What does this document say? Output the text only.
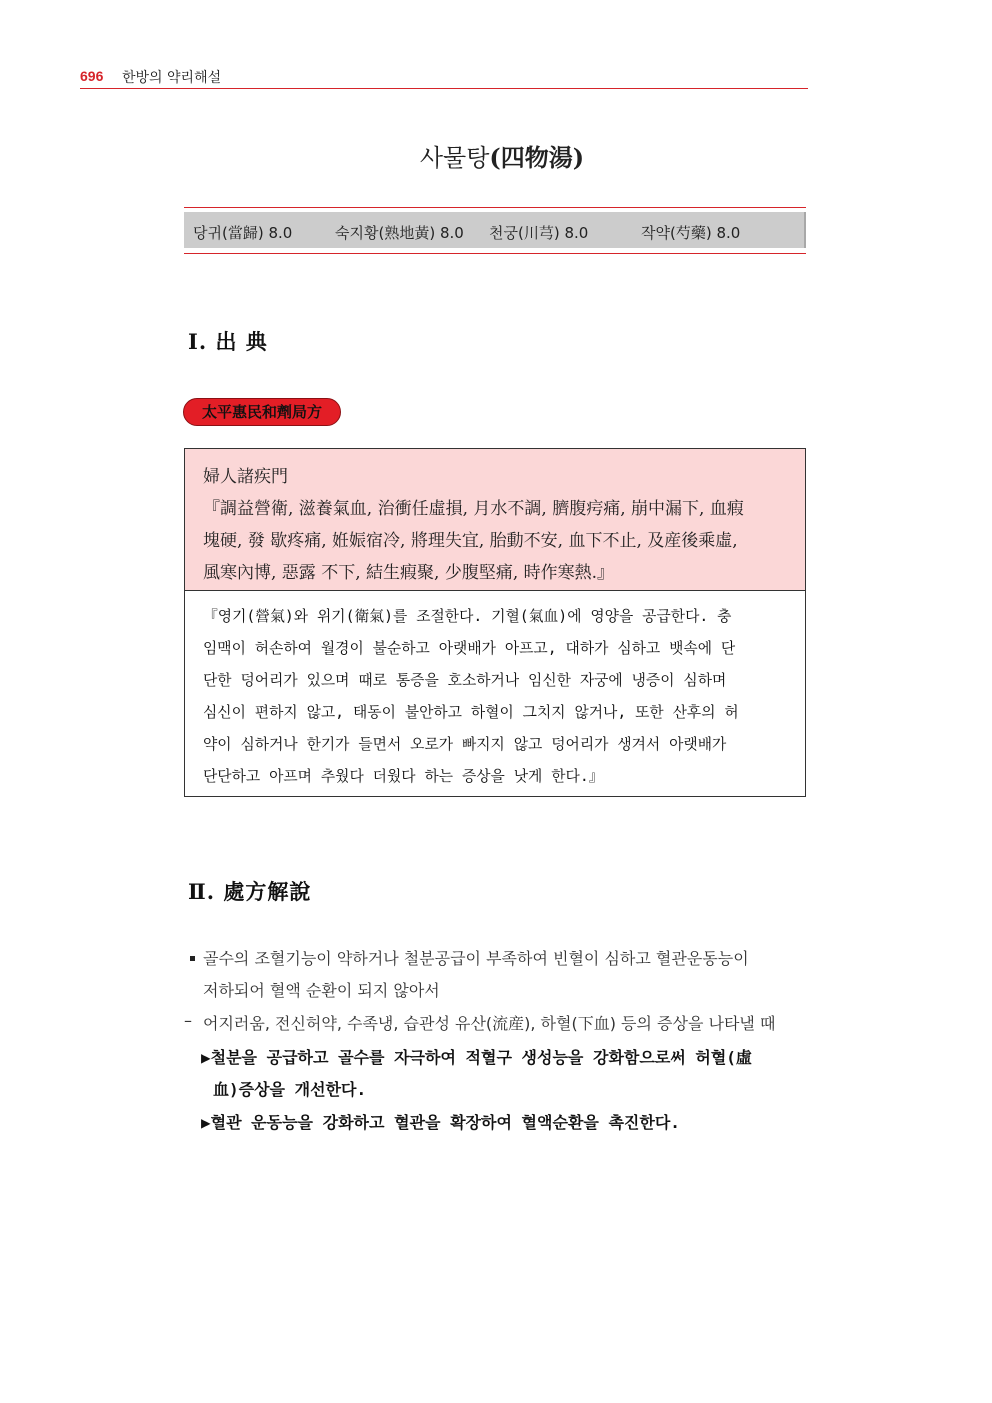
696 한방의 약리해설
사물탕(四物湯)
당귀(當歸) 8.0	숙지황(熟地黃) 8.0 천궁(川芎) 8.0	작약(芍藥) 8.0
Ⅰ. 出 典
太平惠民和劑局方
婦人諸疾門
『調益營衛, 滋養氣血, 治衝任虛損, 月水不調, 臍腹疞痛, 崩中漏下, 血瘕
塊硬, 發 歇疼痛, 姙娠宿冷, 將理失宜, 胎動不安, 血下不止, 及産後乘虛,
風寒內博, 惡露 不下, 結生瘕聚, 少腹堅痛, 時作寒熱.』
『영기(營氣)와 위기(衛氣)를 조절한다. 기혈(氣血)에 영양을 공급한다. 충
임맥이 허손하여 월경이 불순하고 아랫배가 아프고, 대하가 심하고 뱃속에 단
단한 덩어리가 있으며 때로 통증을 호소하거나 임신한 자궁에 냉증이 심하며
심신이 편하지 않고, 태동이 불안하고 하혈이 그치지 않거나, 또한 산후의 허
약이 심하거나 한기가 들면서 오로가 빠지지 않고 덩어리가 생겨서 아랫배가
단단하고 아프며 추웠다 더웠다 하는 증상을 낫게 한다.』
Ⅱ. 處方解說
골수의 조혈기능이 약하거나 철분공급이 부족하여 빈혈이 심하고 혈관운동능이
저하되어 혈액 순환이 되지 않아서
– 어지러움, 전신허약, 수족냉, 습관성 유산(流産), 하혈(下血) 등의 증상을 나타낼 때
▶철분을 공급하고 골수를 자극하여 적혈구 생성능을 강화함으로써 허혈(虛
血)증상을 개선한다.
▶혈관 운동능을 강화하고 혈관을 확장하여 혈액순환을 촉진한다.
